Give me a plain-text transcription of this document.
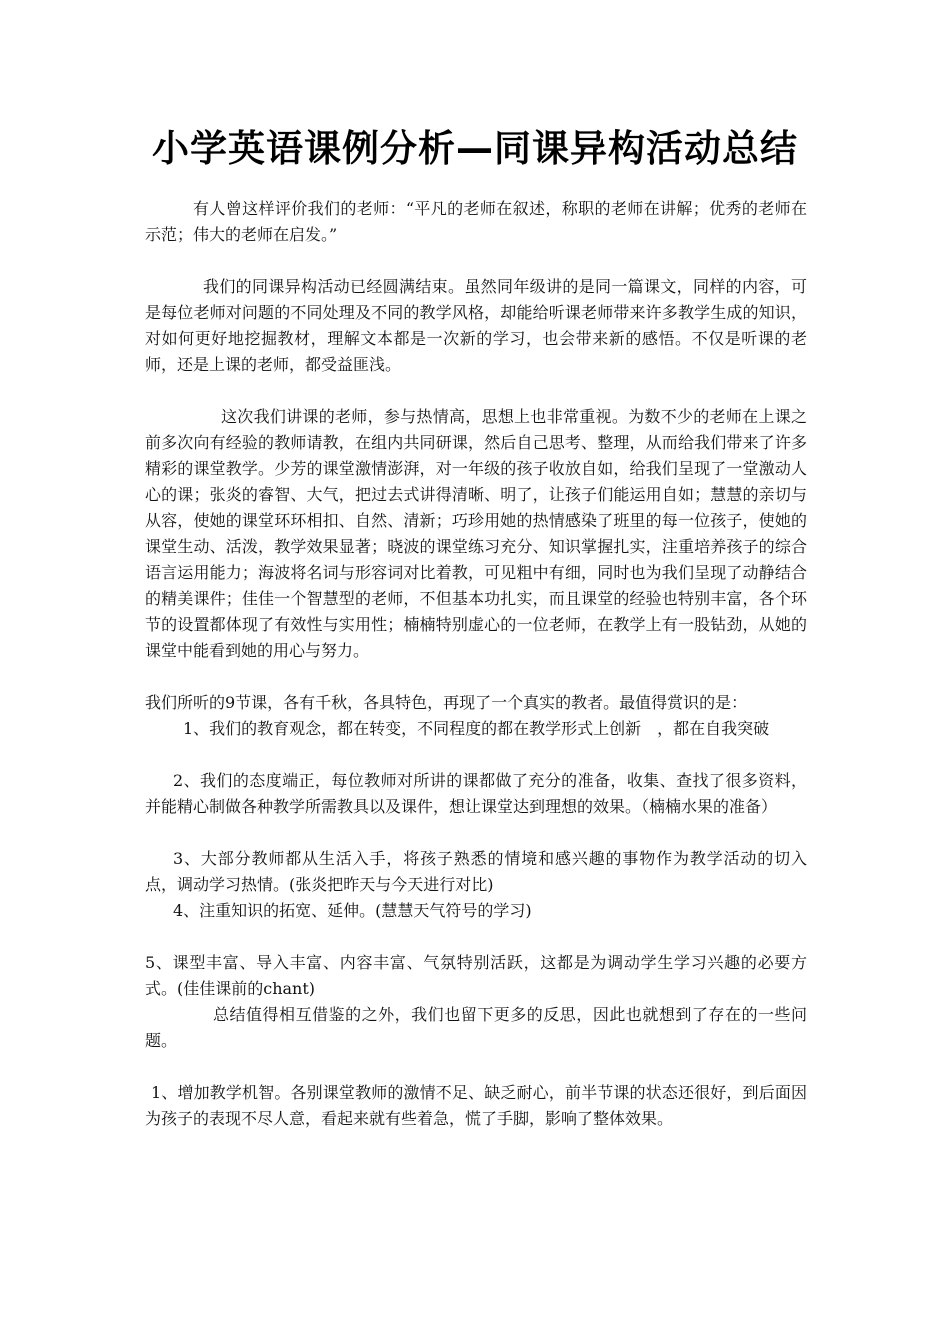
小学英语课例分析—同课异构活动总结

有人曾这样评价我们的老师：“平凡的老师在叙述，称职的老师在讲解；优秀的老师在示范；伟大的老师在启发。”

我们的同课异构活动已经圆满结束。虽然同年级讲的是同一篇课文，同样的内容，可是每位老师对问题的不同处理及不同的教学风格，却能给听课老师带来许多教学生成的知识，对如何更好地挖掘教材，理解文本都是一次新的学习，也会带来新的感悟。不仅是听课的老师，还是上课的老师，都受益匪浅。

这次我们讲课的老师，参与热情高，思想上也非常重视。为数不少的老师在上课之前多次向有经验的教师请教，在组内共同研课，然后自己思考、整理，从而给我们带来了许多精彩的课堂教学。少芳的课堂激情澎湃，对一年级的孩子收放自如，给我们呈现了一堂激动人心的课；张炎的睿智、大气，把过去式讲得清晰、明了，让孩子们能运用自如；慧慧的亲切与从容，使她的课堂环环相扣、自然、清新；巧珍用她的热情感染了班里的每一位孩子，使她的课堂生动、活泼，教学效果显著；晓波的课堂练习充分、知识掌握扎实，注重培养孩子的综合语言运用能力；海波将名词与形容词对比着教，可见粗中有细，同时也为我们呈现了动静结合的精美课件；佳佳一个智慧型的老师，不但基本功扎实，而且课堂的经验也特别丰富，各个环节的设置都体现了有效性与实用性；楠楠特别虚心的一位老师，在教学上有一股钻劲，从她的课堂中能看到她的用心与努力。

我们所听的9节课，各有千秋，各具特色，再现了一个真实的教者。最值得赏识的是：

1、我们的教育观念，都在转变，不同程度的都在教学形式上创新　，都在自我突破

2、我们的态度端正，每位教师对所讲的课都做了充分的准备，收集、查找了很多资料，并能精心制做各种教学所需教具以及课件，想让课堂达到理想的效果。（楠楠水果的准备）

3、大部分教师都从生活入手，将孩子熟悉的情境和感兴趣的事物作为教学活动的切入点，调动学习热情。(张炎把昨天与今天进行对比)

4、注重知识的拓宽、延伸。(慧慧天气符号的学习)

5、课型丰富、导入丰富、内容丰富、气氛特别活跃，这都是为调动学生学习兴趣的必要方式。(佳佳课前的chant)

总结值得相互借鉴的之外，我们也留下更多的反思，因此也就想到了存在的一些问题。

1、增加教学机智。各别课堂教师的激情不足、缺乏耐心，前半节课的状态还很好，到后面因为孩子的表现不尽人意，看起来就有些着急，慌了手脚，影响了整体效果。
